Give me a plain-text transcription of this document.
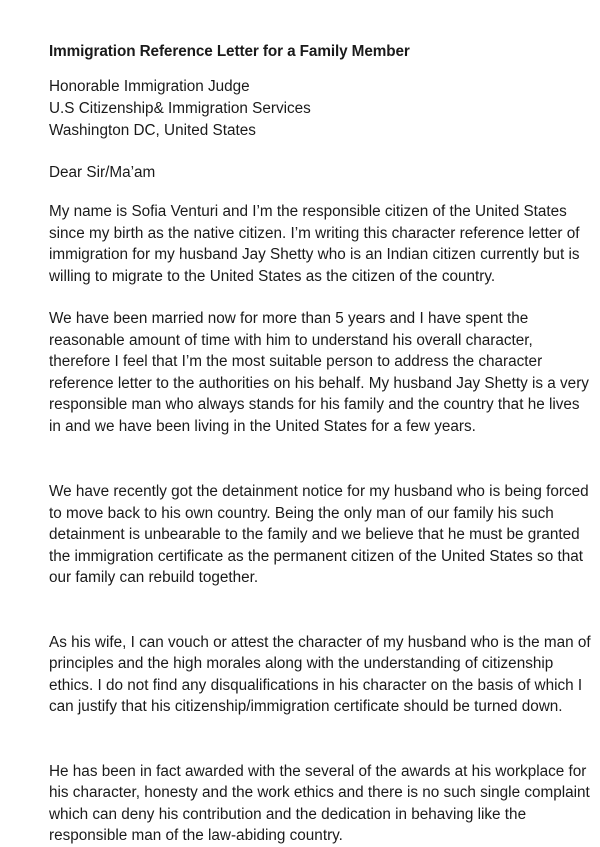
Immigration Reference Letter for a Family Member
Honorable Immigration Judge
U.S Citizenship& Immigration Services
Washington DC, United States

Dear Sir/Ma’am

My name is Sofia Venturi and I’m the responsible citizen of the United States
since my birth as the native citizen. I’m writing this character reference letter of
immigration for my husband Jay Shetty who is an Indian citizen currently but is
willing to migrate to the United States as the citizen of the country.

We have been married now for more than 5 years and I have spent the
reasonable amount of time with him to understand his overall character,
therefore I feel that I’m the most suitable person to address the character
reference letter to the authorities on his behalf. My husband Jay Shetty is a very
responsible man who always stands for his family and the country that he lives
in and we have been living in the United States for a few years.

We have recently got the detainment notice for my husband who is being forced
to move back to his own country. Being the only man of our family his such
detainment is unbearable to the family and we believe that he must be granted
the immigration certificate as the permanent citizen of the United States so that
our family can rebuild together.

As his wife, I can vouch or attest the character of my husband who is the man of
principles and the high morales along with the understanding of citizenship
ethics. I do not find any disqualifications in his character on the basis of which I
can justify that his citizenship/immigration certificate should be turned down.

He has been in fact awarded with the several of the awards at his workplace for
his character, honesty and the work ethics and there is no such single complaint
which can deny his contribution and the dedication in behaving like the
responsible man of the law-abiding country.
